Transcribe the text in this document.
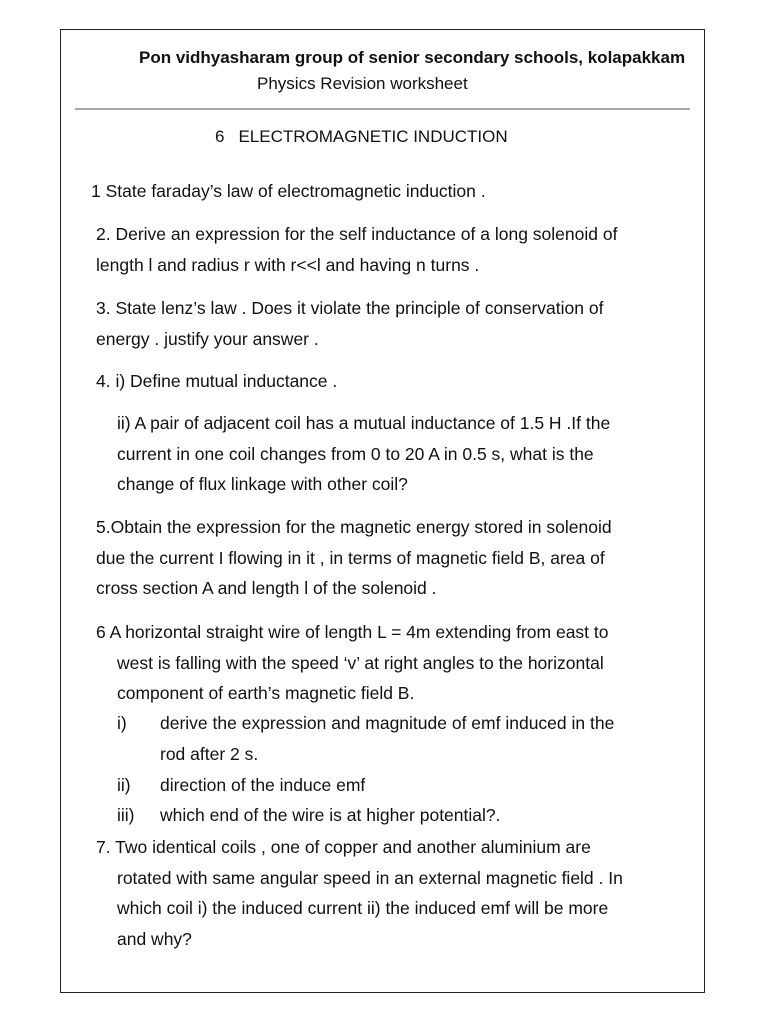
Pon vidhyasharam group of senior secondary schools, kolapakkam
Physics Revision worksheet
6 ELECTROMAGNETIC INDUCTION
1 State faraday’s law of electromagnetic induction .
2. Derive an expression for the self inductance of a long solenoid of
length l and radius r with r<<l and having n turns .
3. State lenz’s law . Does it violate the principle of conservation of
energy . justify your answer .
4. i) Define mutual inductance .
ii) A pair of adjacent coil has a mutual inductance of 1.5 H .If the
current in one coil changes from 0 to 20 A in 0.5 s, what is the
change of flux linkage with other coil?
5.Obtain the expression for the magnetic energy stored in solenoid
due the current I flowing in it , in terms of magnetic field B, area of
cross section A and length l of the solenoid .
6 A horizontal straight wire of length L = 4m extending from east to
west is falling with the speed ‘v’ at right angles to the horizontal
component of earth’s magnetic field B.
i) derive the expression and magnitude of emf induced in the
rod after 2 s.
ii) direction of the induce emf
iii) which end of the wire is at higher potential?.
7. Two identical coils , one of copper and another aluminium are
rotated with same angular speed in an external magnetic field . In
which coil i) the induced current ii) the induced emf will be more
and why?
